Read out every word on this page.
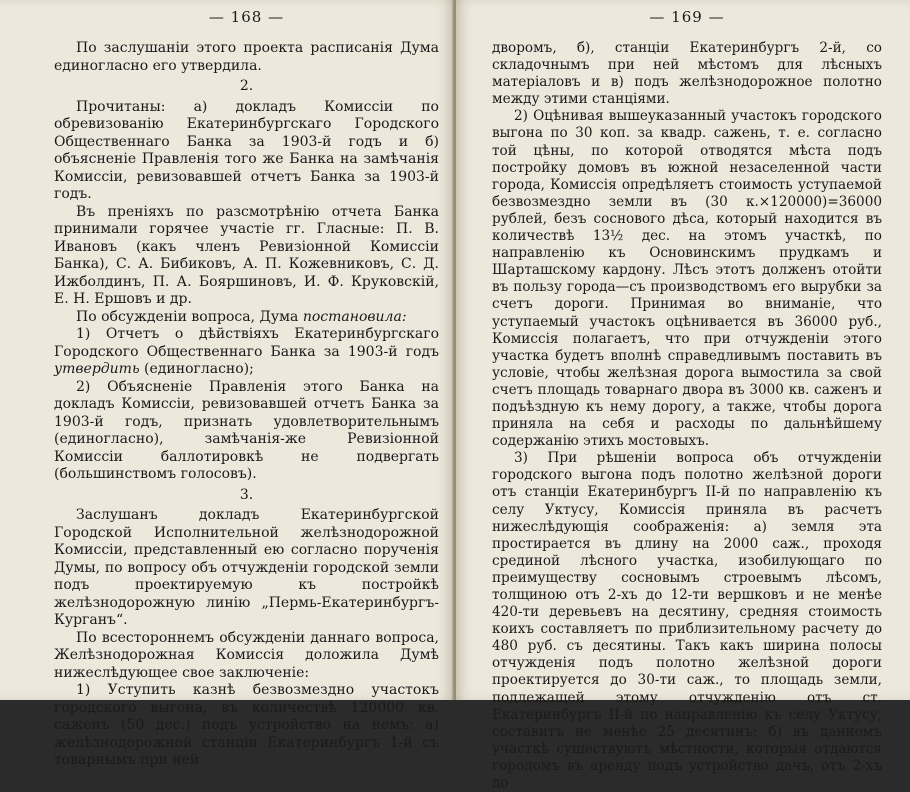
— 168 —

По заслушаніи этого проекта расписанія Дума единогласно его утвердила.

2.

Прочитаны: а) докладъ Комиссіи по обревизованію Екатеринбургскаго Городского Общественнаго Банка за 1903-й годъ и б) объясненіе Правленія того же Банка на замѣчанія Комиссіи, ревизовавшей отчетъ Банка за 1903-й годъ.

Въ преніяхъ по разсмотрѣнію отчета Банка принимали горячее участіе гг. Гласные: П. В. Ивановъ (какъ членъ Ревизіонной Комиссіи Банка), С. А. Бибиковъ, А. П. Кожевниковъ, С. Д. Ижболдинъ, П. А. Бояршиновъ, И. Ф. Круковскій, Е. Н. Ершовъ и др.

По обсужденіи вопроса, Дума постановила:

1) Отчетъ о дѣйствіяхъ Екатеринбургскаго Городского Общественнаго Банка за 1903-й годъ утвердить (единогласно);

2) Объясненіе Правленія этого Банка на докладъ Комиссіи, ревизовавшей отчетъ Банка за 1903-й годъ, признать удовлетворительнымъ (единогласно), замѣчанія-же Ревизіонной Комиссіи баллотировкѣ не подвергать (большинствомъ голосовъ).

3.

Заслушанъ докладъ Екатеринбургской Городской Исполнительной желѣзнодорожной Комиссіи, представленный ею согласно порученія Думы, по вопросу объ отчужденіи городской земли подъ проектируемую къ постройкѣ желѣзнодорожную линію „Пермь-Екатеринбургъ-Курганъ“.

По всестороннемъ обсужденіи даннаго вопроса, Желѣзнодорожная Комиссія доложила Думѣ нижеслѣдующее свое заключеніе:

1) Уступить казнѣ безвозмездно участокъ городского выгона, въ количествѣ 120000 кв. саженъ (50 дес.) подъ устройство на немъ: а) желѣзнодорожной станціи Екатеринбургъ 1-й съ товарнымъ при ней

— 169 —

дворомъ, б), станціи Екатеринбургъ 2-й, со складочнымъ при ней мѣстомъ для лѣсныхъ матеріаловъ и в) подъ желѣзнодорожное полотно между этими станціями.

2) Оцѣнивая вышеуказанный участокъ городского выгона по 30 коп. за квадр. сажень, т. е. согласно той цѣны, по которой отводятся мѣста подъ постройку домовъ въ южной незаселенной части города, Комиссія опредѣляетъ стоимость уступаемой безвозмездно земли въ (30 к.×120000)=36000 рублей, безъ соснового дѣса, который находится въ количествѣ 13½ дес. на этомъ участкѣ, по направленію къ Основинскимъ прудкамъ и Шарташскому кардону. Лѣсъ этотъ долженъ отойти въ пользу города—съ производствомъ его вырубки за счетъ дороги. Принимая во вниманіе, что уступаемый участокъ оцѣнивается въ 36000 руб., Комиссія полагаетъ, что при отчужденіи этого участка будетъ вполнѣ справедливымъ поставить въ условіе, чтобы желѣзная дорога вымостила за свой счетъ площадь товарнаго двора въ 3000 кв. саженъ и подъѣздную къ нему дорогу, а также, чтобы дорога приняла на себя и расходы по дальнѣйшему содержанію этихъ мостовыхъ.

3) При рѣшеніи вопроса объ отчужденіи городского выгона подъ полотно желѣзной дороги отъ станціи Екатеринбургъ II-й по направленію къ селу Уктусу, Комиссія приняла въ расчетъ нижеслѣдующія соображенія: а) земля эта простирается въ длину на 2000 саж., проходя срединой лѣсного участка, изобилующаго по преимуществу сосновымъ строевымъ лѣсомъ, толщиною отъ 2-хъ до 12-ти вершковъ и не менѣе 420-ти деревьевъ на десятину, средняя стоимость коихъ составляетъ по приблизительному расчету до 480 руб. съ десятины. Такъ какъ ширина полосы отчужденія подъ полотно желѣзной дороги проектируется до 30-ти саж., то площадь земли, подлежащей этому отчужденію отъ ст. Екатеринбургъ II-й по направленію къ селу Уктусу, составитъ не менѣе 25 десятинъ; б) въ данномъ участкѣ существуютъ мѣстности, которыя отдаются городомъ въ аренду подъ устройство дачъ, отъ 2-хъ до
